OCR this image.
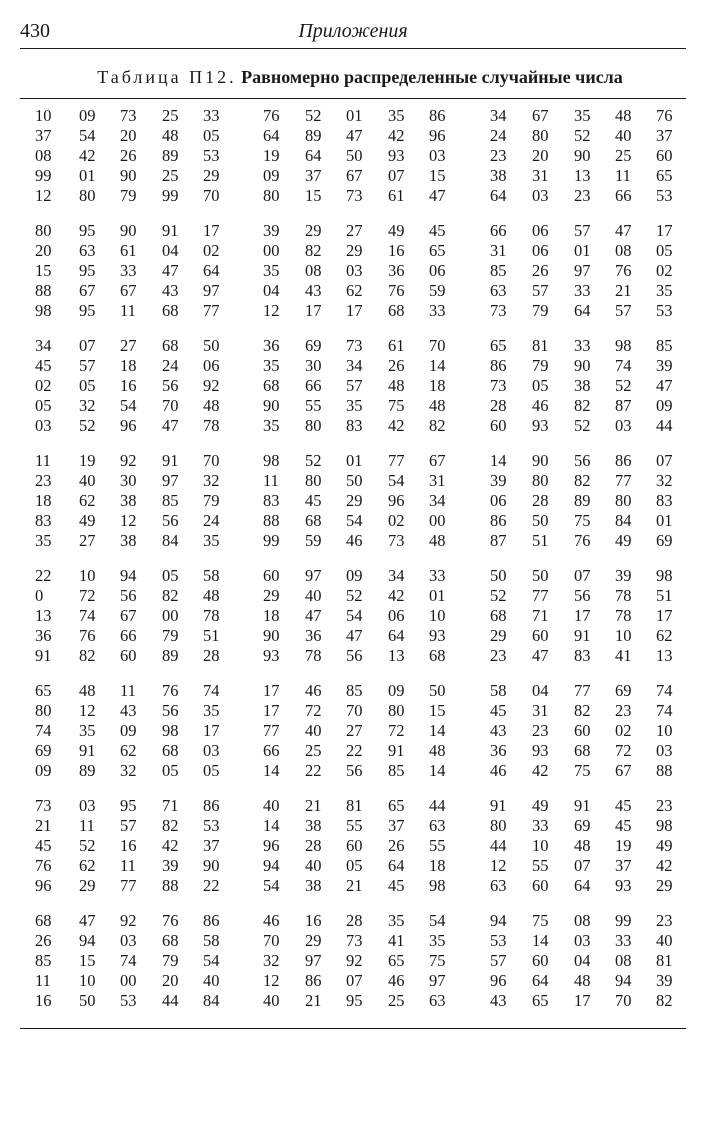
430	Приложения
Таблица П12. Равномерно распределенные случайные числа
10	09	73	25	33	76	52	01	35	86	34	67	35	48	76
37	54	20	48	05	64	89	47	42	96	24	80	52	40	37
08	42	26	89	53	19	64	50	93	03	23	20	90	25	60
99	01	90	25	29	09	37	67	07	15	38	31	13	11	65
12	80	79	99	70	80	15	73	61	47	64	03	23	66	53
80	95	90	91	17	39	29	27	49	45	66	06	57	47	17
20	63	61	04	02	00	82	29	16	65	31	06	01	08	05
15	95	33	47	64	35	08	03	36	06	85	26	97	76	02
88	67	67	43	97	04	43	62	76	59	63	57	33	21	35
98	95	11	68	77	12	17	17	68	33	73	79	64	57	53
34	07	27	68	50	36	69	73	61	70	65	81	33	98	85
45	57	18	24	06	35	30	34	26	14	86	79	90	74	39
02	05	16	56	92	68	66	57	48	18	73	05	38	52	47
05	32	54	70	48	90	55	35	75	48	28	46	82	87	09
03	52	96	47	78	35	80	83	42	82	60	93	52	03	44
11	19	92	91	70	98	52	01	77	67	14	90	56	86	07
23	40	30	97	32	11	80	50	54	31	39	80	82	77	32
18	62	38	85	79	83	45	29	96	34	06	28	89	80	83
83	49	12	56	24	88	68	54	02	00	86	50	75	84	01
35	27	38	84	35	99	59	46	73	48	87	51	76	49	69
22	10	94	05	58	60	97	09	34	33	50	50	07	39	98
0	72	56	82	48	29	40	52	42	01	52	77	56	78	51
13	74	67	00	78	18	47	54	06	10	68	71	17	78	17
36	76	66	79	51	90	36	47	64	93	29	60	91	10	62
91	82	60	89	28	93	78	56	13	68	23	47	83	41	13
65	48	11	76	74	17	46	85	09	50	58	04	77	69	74
80	12	43	56	35	17	72	70	80	15	45	31	82	23	74
74	35	09	98	17	77	40	27	72	14	43	23	60	02	10
69	91	62	68	03	66	25	22	91	48	36	93	68	72	03
09	89	32	05	05	14	22	56	85	14	46	42	75	67	88
73	03	95	71	86	40	21	81	65	44	91	49	91	45	23
21	11	57	82	53	14	38	55	37	63	80	33	69	45	98
45	52	16	42	37	96	28	60	26	55	44	10	48	19	49
76	62	11	39	90	94	40	05	64	18	12	55	07	37	42
96	29	77	88	22	54	38	21	45	98	63	60	64	93	29
68	47	92	76	86	46	16	28	35	54	94	75	08	99	23
26	94	03	68	58	70	29	73	41	35	53	14	03	33	40
85	15	74	79	54	32	97	92	65	75	57	60	04	08	81
11	10	00	20	40	12	86	07	46	97	96	64	48	94	39
16	50	53	44	84	40	21	95	25	63	43	65	17	70	82
